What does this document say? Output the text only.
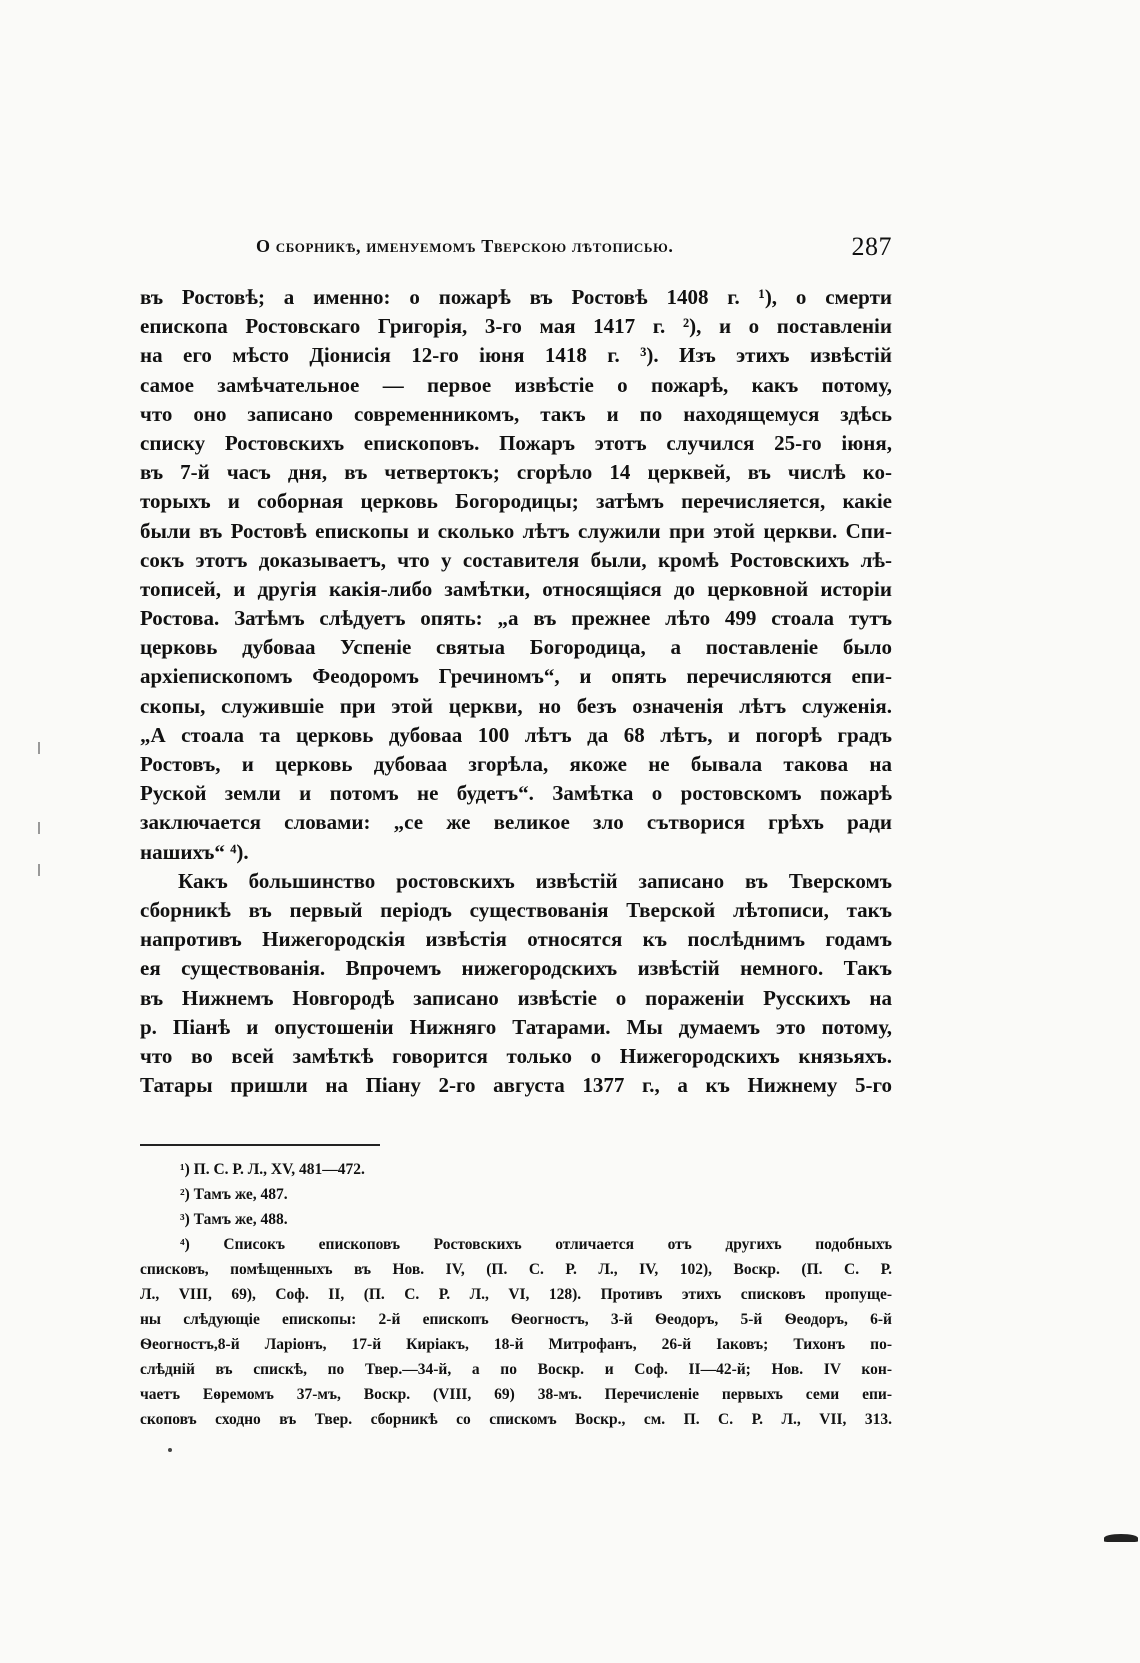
О сборникѣ, именуемомъ Тверскою лѣтописью.	287
въ Ростовѣ; а именно: о пожарѣ въ Ростовѣ 1408 г. ¹), о смерти
епископа Ростовскаго Григорія, 3-го мая 1417 г. ²), и о поставленіи
на его мѣсто Діонисія 12-го іюня 1418 г. ³). Изъ этихъ извѣстій
самое замѣчательное — первое извѣстіе о пожарѣ, какъ потому,
что оно записано современникомъ, такъ и по находящемуся здѣсь
списку Ростовскихъ епископовъ. Пожаръ этотъ случился 25-го іюня,
въ 7-й часъ дня, въ четвертокъ; сгорѣло 14 церквей, въ числѣ ко-
торыхъ и соборная церковь Богородицы; затѣмъ перечисляется, какіе
были въ Ростовѣ епископы и сколько лѣтъ служили при этой церкви. Спи-
сокъ этотъ доказываетъ, что у составителя были, кромѣ Ростовскихъ лѣ-
тописей, и другія какія-либо замѣтки, относящіяся до церковной исторіи
Ростова. Затѣмъ слѣдуетъ опять: „а въ прежнее лѣто 499 стоала тутъ
церковь дубоваа Успеніе святыа Богородица, а поставленіе было
архіепископомъ Феодоромъ Гречиномъ“, и опять перечисляются епи-
скопы, служившіе при этой церкви, но безъ означенія лѣтъ служенія.
„А стоала та церковь дубоваа 100 лѣтъ да 68 лѣтъ, и погорѣ градъ
Ростовъ, и церковь дубоваа згорѣла, якоже не бывала такова на
Руской земли и потомъ не будетъ“. Замѣтка о ростовскомъ пожарѣ
заключается словами: „се же великое зло сътворися грѣхъ ради
нашихъ“ ⁴).
Какъ большинство ростовскихъ извѣстій записано въ Тверскомъ
сборникѣ въ первый періодъ существованія Тверской лѣтописи, такъ
напротивъ Нижегородскія извѣстія относятся къ послѣднимъ годамъ
ея существованія. Впрочемъ нижегородскихъ извѣстій немного. Такъ
въ Нижнемъ Новгородѣ записано извѣстіе о пораженіи Русскихъ на
р. Піанѣ и опустошеніи Нижняго Татарами. Мы думаемъ это потому,
что во всей замѣткѣ говорится только о Нижегородскихъ князьяхъ.
Татары пришли на Піану 2-го августа 1377 г., а къ Нижнему 5-го
¹) П. С. Р. Л., XV, 481—472.
²) Тамъ же, 487.
³) Тамъ же, 488.
⁴) Списокъ епископовъ Ростовскихъ отличается отъ другихъ подобныхъ
списковъ, помѣщенныхъ въ Нов. IV, (П. С. Р. Л., IV, 102), Воскр. (П. С. Р.
Л., VIII, 69), Соф. II, (П. С. Р. Л., VI, 128). Противъ этихъ списковъ пропуще-
ны слѣдующіе епископы: 2-й епископъ Ѳеогностъ, 3-й Ѳеодоръ, 5-й Ѳеодоръ, 6-й
Ѳеогностъ,8-й Ларіонъ, 17-й Киріакъ, 18-й Митрофанъ, 26-й Іаковъ; Тихонъ по-
слѣдній въ спискѣ, по Твер.—34-й, а по Воскр. и Соф. II—42-й; Нов. IV кон-
чаетъ Еѳремомъ 37-мъ, Воскр. (VIII, 69) 38-мъ. Перечисленіе первыхъ семи епи-
скоповъ сходно въ Твер. сборникѣ со спискомъ Воскр., см. П. С. Р. Л., VII, 313.
